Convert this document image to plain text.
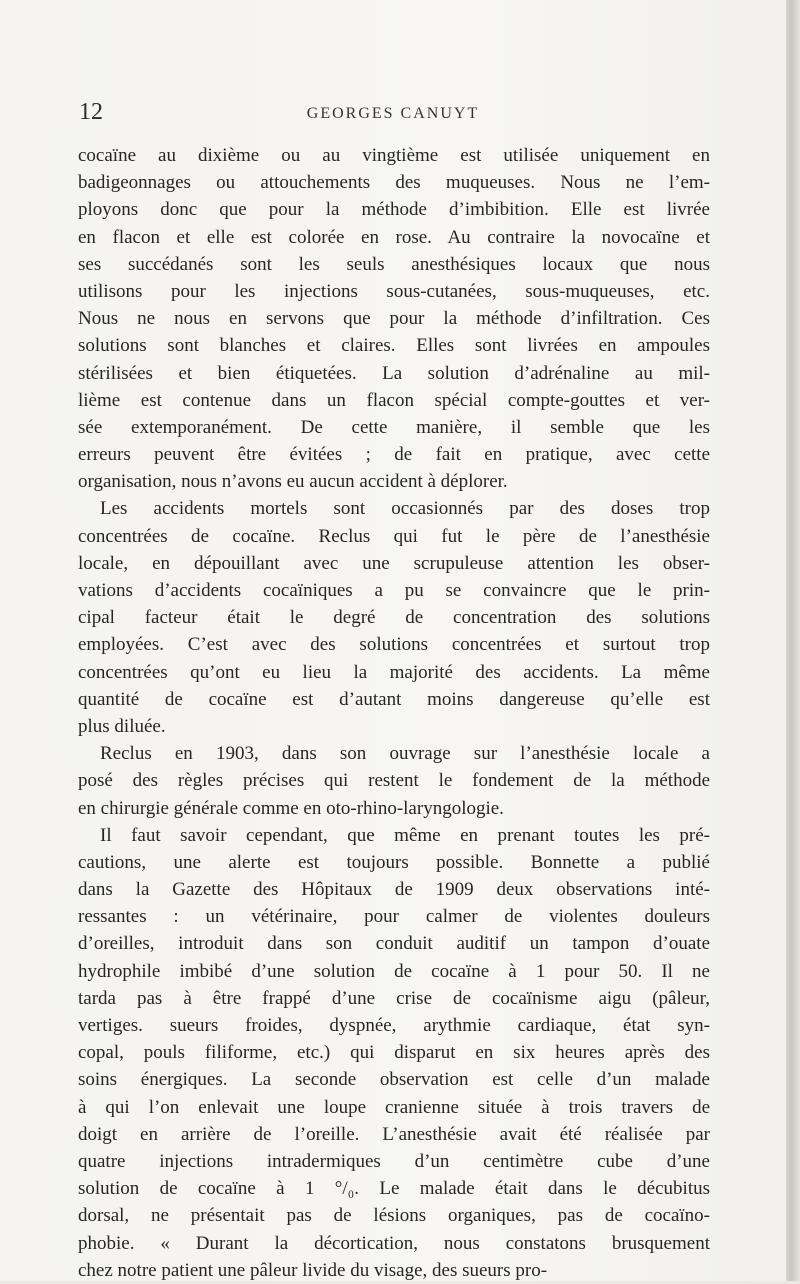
12	GEORGES CANUYT
cocaïne au dixième ou au vingtième est utilisée uniquement en
badigeonnages ou attouchements des muqueuses. Nous ne l’em-
ployons donc que pour la méthode d’imbibition. Elle est livrée
en flacon et elle est colorée en rose. Au contraire la novocaïne et
ses succédanés sont les seuls anesthésiques locaux que nous
utilisons pour les injections sous-cutanées, sous-muqueuses, etc.
Nous ne nous en servons que pour la méthode d’infiltration. Ces
solutions sont blanches et claires. Elles sont livrées en ampoules
stérilisées et bien étiquetées. La solution d’adrénaline au mil-
lième est contenue dans un flacon spécial compte-gouttes et ver-
sée extemporanément. De cette manière, il semble que les
erreurs peuvent être évitées ; de fait en pratique, avec cette
organisation, nous n’avons eu aucun accident à déplorer.
Les accidents mortels sont occasionnés par des doses trop
concentrées de cocaïne. Reclus qui fut le père de l’anesthésie
locale, en dépouillant avec une scrupuleuse attention les obser-
vations d’accidents cocaïniques a pu se convaincre que le prin-
cipal facteur était le degré de concentration des solutions
employées. C’est avec des solutions concentrées et surtout trop
concentrées qu’ont eu lieu la majorité des accidents. La même
quantité de cocaïne est d’autant moins dangereuse qu’elle est
plus diluée.
Reclus en 1903, dans son ouvrage sur l’anesthésie locale a
posé des règles précises qui restent le fondement de la méthode
en chirurgie générale comme en oto-rhino-laryngologie.
Il faut savoir cependant, que même en prenant toutes les pré-
cautions, une alerte est toujours possible. Bonnette a publié
dans la Gazette des Hôpitaux de 1909 deux observations inté-
ressantes : un vétérinaire, pour calmer de violentes douleurs
d’oreilles, introduit dans son conduit auditif un tampon d’ouate
hydrophile imbibé d’une solution de cocaïne à 1 pour 50. Il ne
tarda pas à être frappé d’une crise de cocaïnisme aigu (pâleur,
vertiges. sueurs froides, dyspnée, arythmie cardiaque, état syn-
copal, pouls filiforme, etc.) qui disparut en six heures après des
soins énergiques. La seconde observation est celle d’un malade
à qui l’on enlevait une loupe cranienne située à trois travers de
doigt en arrière de l’oreille. L’anesthésie avait été réalisée par
quatre injections intradermiques d’un centimètre cube d’une
solution de cocaïne à 1 °/₀. Le malade était dans le décubitus
dorsal, ne présentait pas de lésions organiques, pas de cocaïno-
phobie. « Durant la décortication, nous constatons brusquement
chez notre patient une pâleur livide du visage, des sueurs pro-
